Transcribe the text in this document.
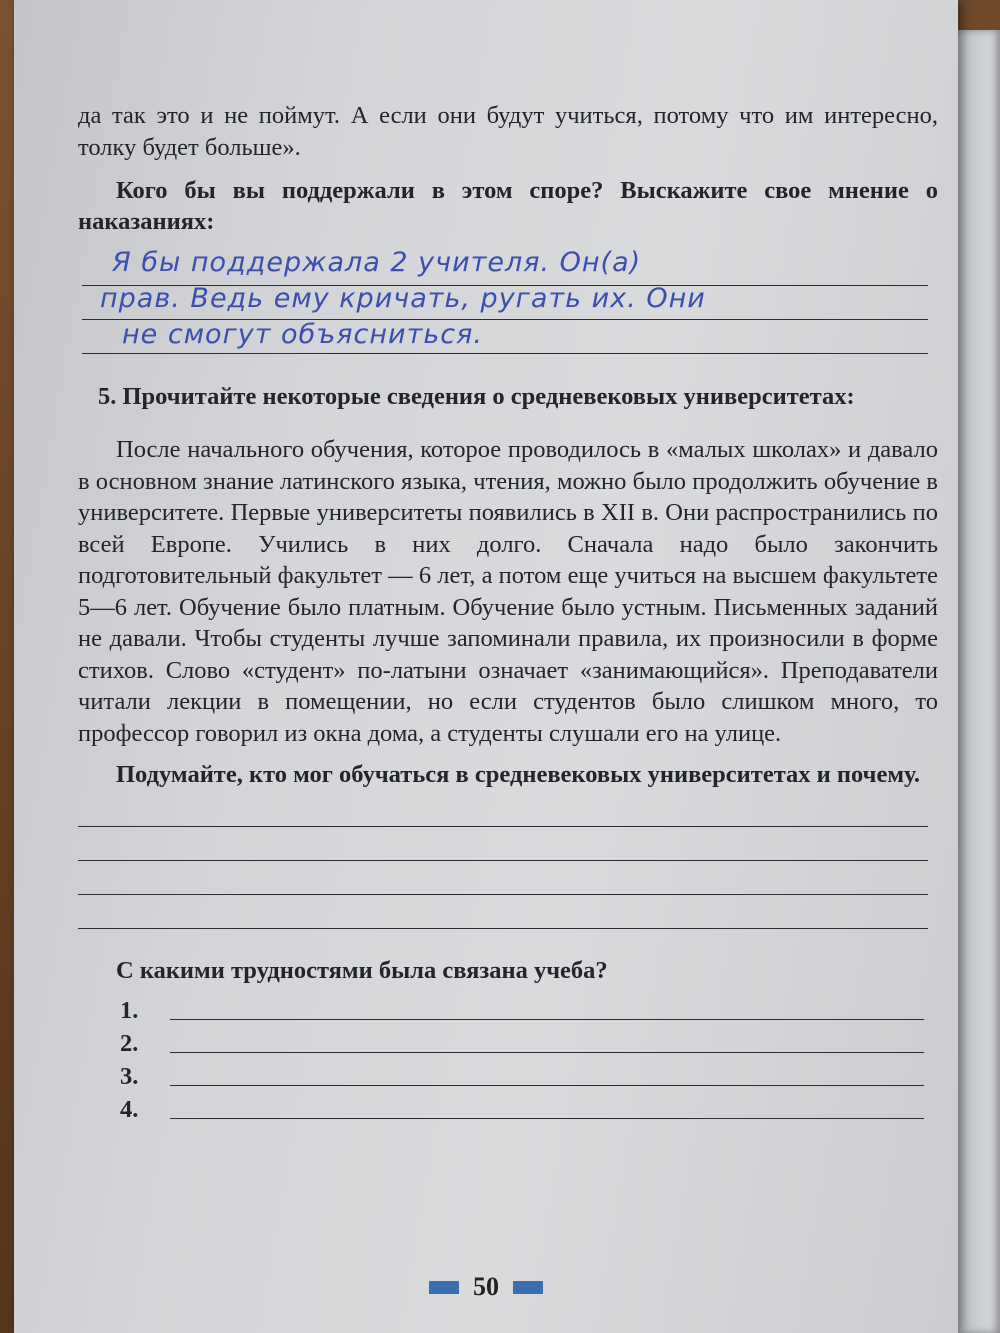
да так это и не поймут. А если они будут учиться, потому что им интересно, толку будет больше».

Кого бы вы поддержали в этом споре? Выскажите свое мнение о наказаниях:

Я бы поддержала 2 учителя. Он(а)
прав. Ведь ему кричать, ругать их. Они
не смогут объясниться.

5. Прочитайте некоторые сведения о средневековых университетах:

После начального обучения, которое проводилось в «малых школах» и давало в основном знание латинского языка, чтения, можно было продолжить обучение в университете. Первые университеты появились в XII в. Они распространились по всей Европе. Учились в них долго. Сначала надо было закончить подготовительный факультет — 6 лет, а потом еще учиться на высшем факультете 5—6 лет. Обучение было платным. Обучение было устным. Письменных заданий не давали. Чтобы студенты лучше запоминали правила, их произносили в форме стихов. Слово «студент» по-латыни означает «занимающийся». Преподаватели читали лекции в помещении, но если студентов было слишком много, то профессор говорил из окна дома, а студенты слушали его на улице.

Подумайте, кто мог обучаться в средневековых университетах и почему.

С какими трудностями была связана учеба?

1.
2.
3.
4.
50
